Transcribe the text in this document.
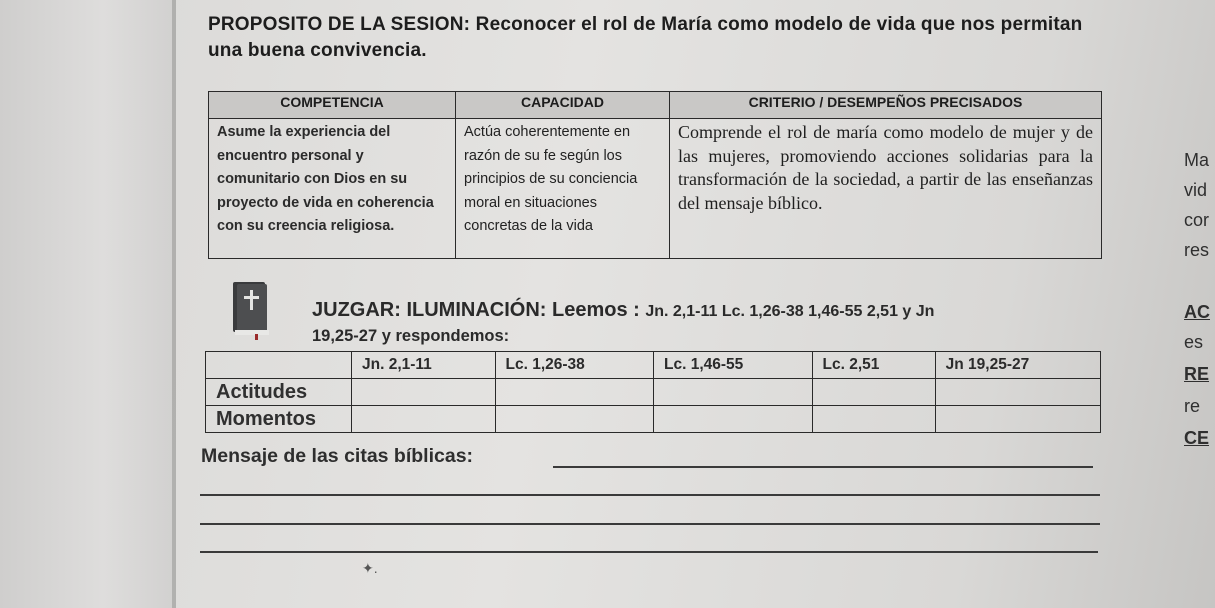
PROPOSITO DE LA SESION: Reconocer el rol de María como modelo de vida que nos permitan una buena convivencia.
COMPETENCIA	CAPACIDAD	CRITERIO / DESEMPEÑOS PRECISADOS
Asume la experiencia del encuentro personal y comunitario con Dios en su proyecto de vida en coherencia con su creencia religiosa.	Actúa coherentemente en razón de su fe según los principios de su conciencia moral en situaciones concretas de la vida	Comprende el rol de maría como modelo de mujer y de las mujeres, promoviendo acciones solidarias para la transformación de la sociedad, a partir de las enseñanzas del mensaje bíblico.
JUZGAR: ILUMINACIÓN: Leemos : Jn. 2,1-11 Lc. 1,26-38 1,46-55 2,51 y Jn
19,25-27 y respondemos:
	Jn. 2,1-11	Lc. 1,26-38	Lc. 1,46-55	Lc. 2,51	Jn 19,25-27
Actitudes					
Momentos					
Mensaje de las citas bíblicas:
✦.
Ma
vid
cor
res
AC
es
RE
re
CE
